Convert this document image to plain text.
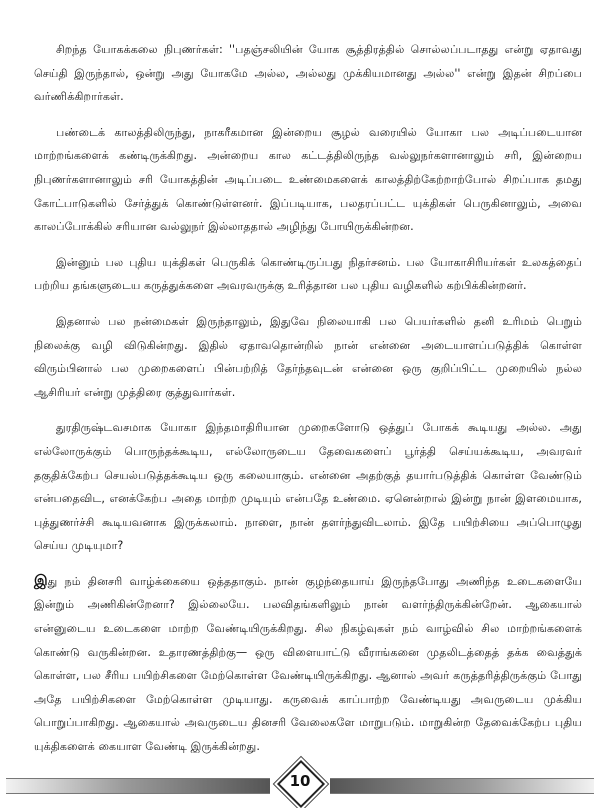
சிறந்த யோகக்கலை நிபுணர்கள்: ''பதஞ்சலியின் யோக சூத்திரத்தில் சொல்லப்படாதது என்று ஏதாவது செய்தி இருந்தால், ஒன்று அது யோகமே அல்ல, அல்லது முக்கியமானது அல்ல'' என்று இதன் சிறப்பை வர்ணிக்கிறார்கள்.

பண்டைக் காலத்திலிருந்து, நாகரீகமான இன்றைய சூழல் வரையில் யோகா பல அடிப்படையான மாற்றங்களைக் கண்டிருக்கிறது. அன்றைய கால கட்டத்திலிருந்த வல்லுநர்களானாலும் சரி, இன்றைய நிபுணர்களானாலும் சரி யோகத்தின் அடிப்படை உண்மைகளைக் காலத்திற்கேற்றாற்போல் சிறப்பாக தமது கோட்பாடுகளில் சேர்த்துக் கொண்டுள்ளனர். இப்படியாக, பலதரப்பட்ட யுக்திகள் பெருகினாலும், அவை காலப்போக்கில் சரியான வல்லுநர் இல்லாததால் அழிந்து போயிருக்கின்றன.

இன்னும் பல புதிய யுக்திகள் பெருகிக் கொண்டிருப்பது நிதர்சனம். பல யோகாசிரியர்கள் உலகத்தைப் பற்றிய தங்களுடைய கருத்துக்களை அவரவருக்கு உரித்தான பல புதிய வழிகளில் கற்பிக்கின்றனர்.

இதனால் பல நன்மைகள் இருந்தாலும், இதுவே நிலையாகி பல பெயர்களில் தனி உரிமம் பெறும் நிலைக்கு வழி விடுகின்றது. இதில் ஏதாவதொன்றில் நான் என்னை அடையாளப்படுத்திக் கொள்ள விரும்பினால் பல முறைகளைப் பின்பற்றித் தேர்ந்தவுடன் என்னை ஒரு குறிப்பிட்ட முறையில் நல்ல ஆசிரியர் என்று முத்திரை குத்துவார்கள்.

துரதிருஷ்டவசமாக யோகா இந்தமாதிரியான முறைகளோடு ஒத்துப் போகக் கூடியது அல்ல. அது எல்லோருக்கும் பொருந்தக்கூடிய, எல்லோருடைய தேவைகளைப் பூர்த்தி செய்யக்கூடிய, அவரவர் தகுதிக்கேற்ப செயல்படுத்தக்கூடிய ஒரு கலையாகும். என்னை அதற்குத் தயார்படுத்திக் கொள்ள வேண்டும் என்பதைவிட, எனக்கேற்ப அதை மாற்ற முடியும் என்பதே உண்மை. ஏனென்றால் இன்று நான் இளமையாக, புத்துணர்ச்சி கூடியவனாக இருக்கலாம். நாளை, நான் தளர்ந்துவிடலாம். இதே பயிற்சியை அப்பொழுது செய்ய முடியுமா?

இது நம் தினசரி வாழ்க்கையை ஒத்ததாகும். நான் குழந்தையாய் இருந்தபோது அணிந்த உடைகளையே இன்றும் அணிகின்றேனா? இல்லையே. பலவிதங்களிலும் நான் வளர்ந்திருக்கின்றேன். ஆகையால் என்னுடைய உடைகளை மாற்ற வேண்டியிருக்கிறது. சில நிகழ்வுகள் நம் வாழ்வில் சில மாற்றங்களைக் கொண்டு வருகின்றன. உதாரணத்திற்கு— ஒரு விளையாட்டு வீராங்கனை முதலிடத்தைத் தக்க வைத்துக் கொள்ள, பல சீரிய பயிற்சிகளை மேற்கொள்ள வேண்டியிருக்கிறது. ஆனால் அவர் கருத்தரித்திருக்கும் போது அதே பயிற்சிகளை மேற்கொள்ள முடியாது. கருவைக் காப்பாற்ற வேண்டியது அவருடைய முக்கிய பொறுப்பாகிறது. ஆகையால் அவருடைய தினசரி வேலைகளே மாறுபடும். மாறுகின்ற தேவைக்கேற்ப புதிய யுக்திகளைக் கையாள வேண்டி இருக்கின்றது.

10
